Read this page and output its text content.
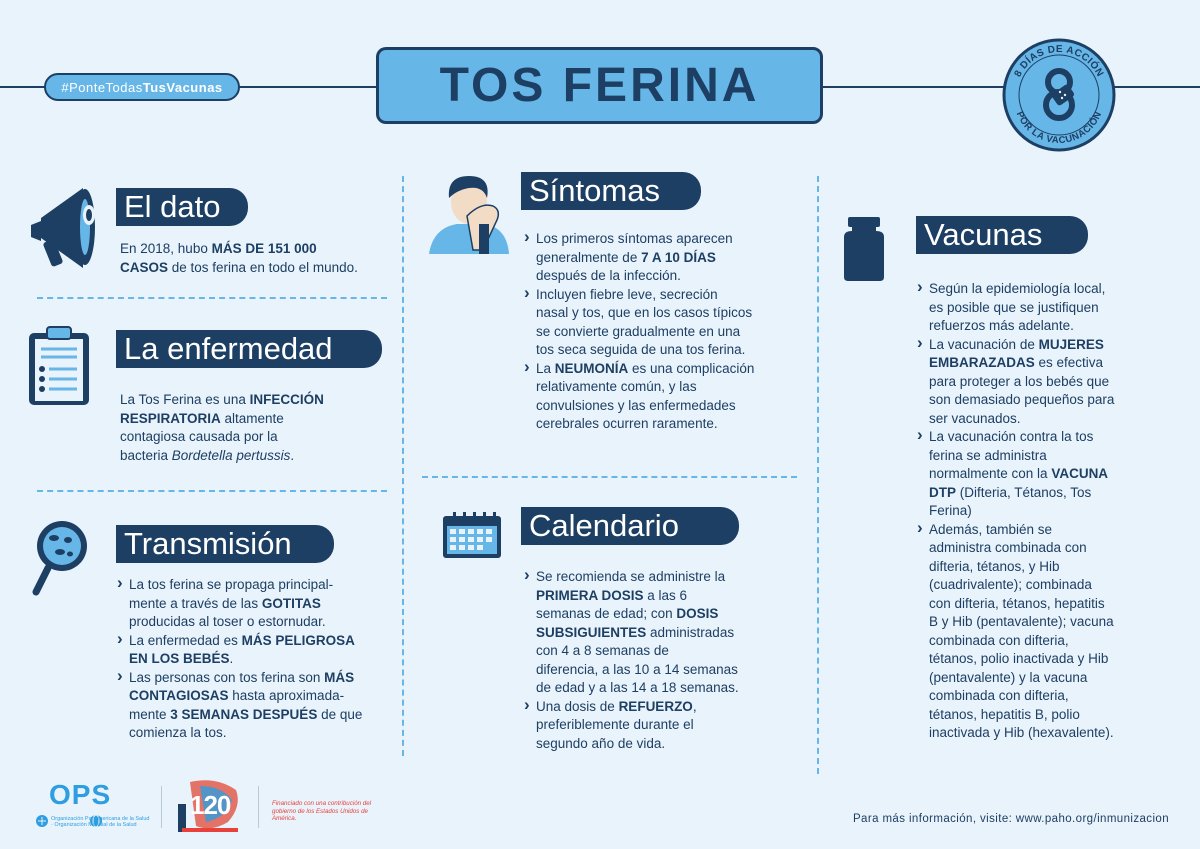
#PonteTodas TusVacunas	TOS FERINA	8 DÍAS DE ACCIÓN
POR LA VACUNACIÓN
8
El dato
En 2018, hubo MÁS DE 151 000
CASOS de tos ferina en todo el mundo.
La enfermedad
La Tos Ferina es una INFECCIÓN
RESPIRATORIA altamente
contagiosa causada por la
bacteria Bordetella pertussis.
Transmisión
› La tos ferina se propaga principal-
mente a través de las GOTITAS
producidas al toser o estornudar.
› La enfermedad es MÁS PELIGROSA
EN LOS BEBÉS.
› Las personas con tos ferina son MÁS
CONTAGIOSAS hasta aproximada-
mente 3 SEMANAS DESPUÉS de que
comienza la tos.
Síntomas
› Los primeros síntomas aparecen
generalmente de 7 A 10 DÍAS
después de la infección.
› Incluyen fiebre leve, secreción
nasal y tos, que en los casos típicos
se convierte gradualmente en una
tos seca seguida de una tos ferina.
› La NEUMONÍA es una complicación
relativamente común, y las
convulsiones y las enfermedades
cerebrales ocurren raramente.
Calendario
› Se recomienda se administre la
PRIMERA DOSIS a las 6
semanas de edad; con DOSIS
SUBSIGUIENTES administradas
con 4 a 8 semanas de
diferencia, a las 10 a 14 semanas
de edad y a las 14 a 18 semanas.
› Una dosis de REFUERZO,
preferiblemente durante el
segundo año de vida.
Vacunas
› Según la epidemiología local,
es posible que se justifiquen
refuerzos más adelante.
› La vacunación de MUJERES
EMBARAZADAS es efectiva
para proteger a los bebés que
son demasiado pequeños para
ser vacunados.
› La vacunación contra la tos
ferina se administra
normalmente con la VACUNA
DTP (Difteria, Tétanos, Tos
Ferina)
› Además, también se
administra combinada con
difteria, tétanos, y Hib
(cuadrivalente); combinada
con difteria, tétanos, hepatitis
B y Hib (pentavalente); vacuna
combinada con difteria,
tétanos, polio inactivada y Hib
(pentavalente) y la vacuna
combinada con difteria,
tétanos, hepatitis B, polio
inactivada y Hib (hexavalente).
OPS
Organización Panamericana de la Salud · Organización Mundial de la Salud
120	Financiado con una contribución del gobierno de los Estados Unidos de América.	Para más información, visite: www.paho.org/inmunizacion
